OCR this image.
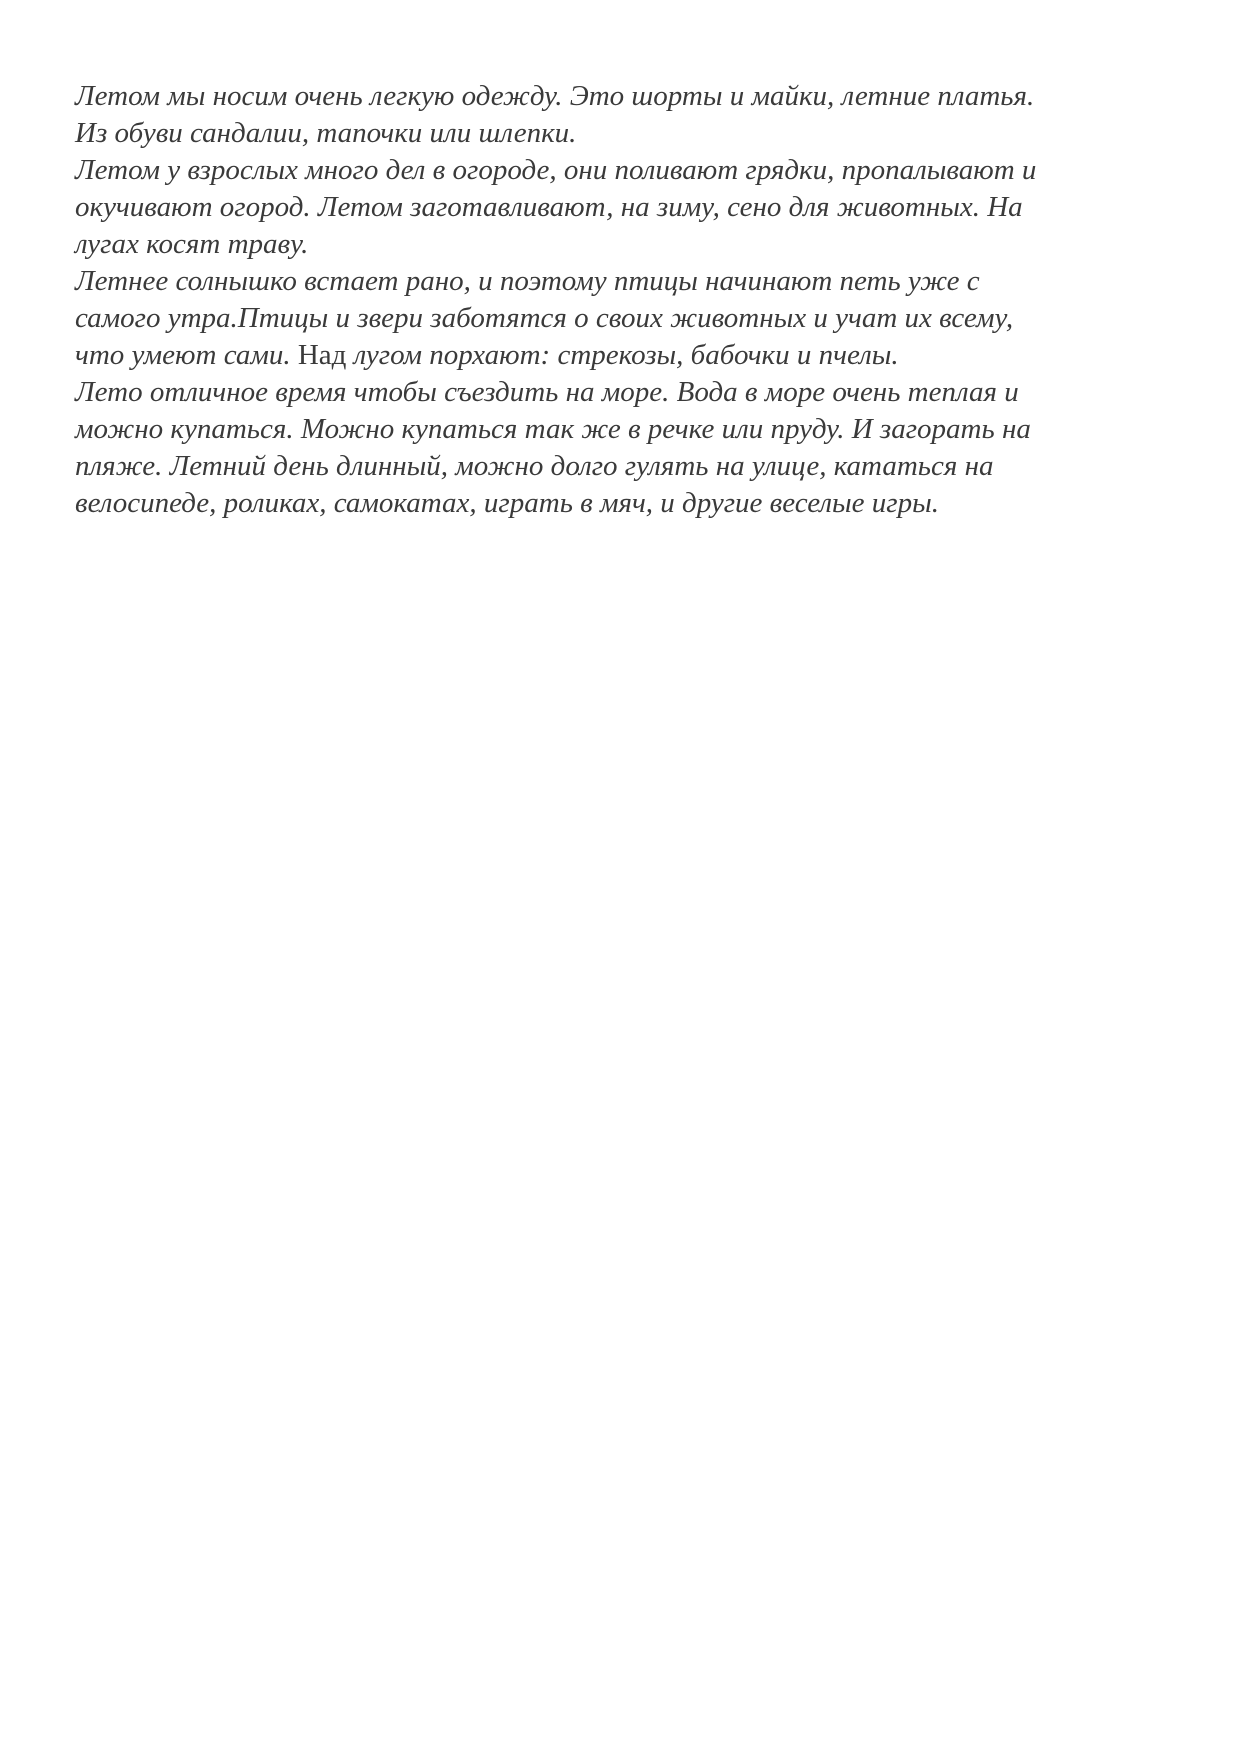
Летом мы носим очень легкую одежду. Это шорты и майки, летние платья.
Из обуви сандалии, тапочки или шлепки.
Летом у взрослых много дел в огороде, они поливают грядки, пропалывают и
окучивают огород. Летом заготавливают, на зиму, сено для животных. На
лугах косят траву.
Летнее солнышко встает рано, и поэтому птицы начинают петь уже с
самого утра.Птицы и звери заботятся о своих животных и учат их всему,
что умеют сами. Над лугом порхают: стрекозы, бабочки и пчелы.
Лето отличное время чтобы съездить на море. Вода в море очень теплая и
можно купаться. Можно купаться так же в речке или пруду. И загорать на
пляже. Летний день длинный, можно долго гулять на улице, кататься на
велосипеде, роликах, самокатах, играть в мяч, и другие веселые игры.
